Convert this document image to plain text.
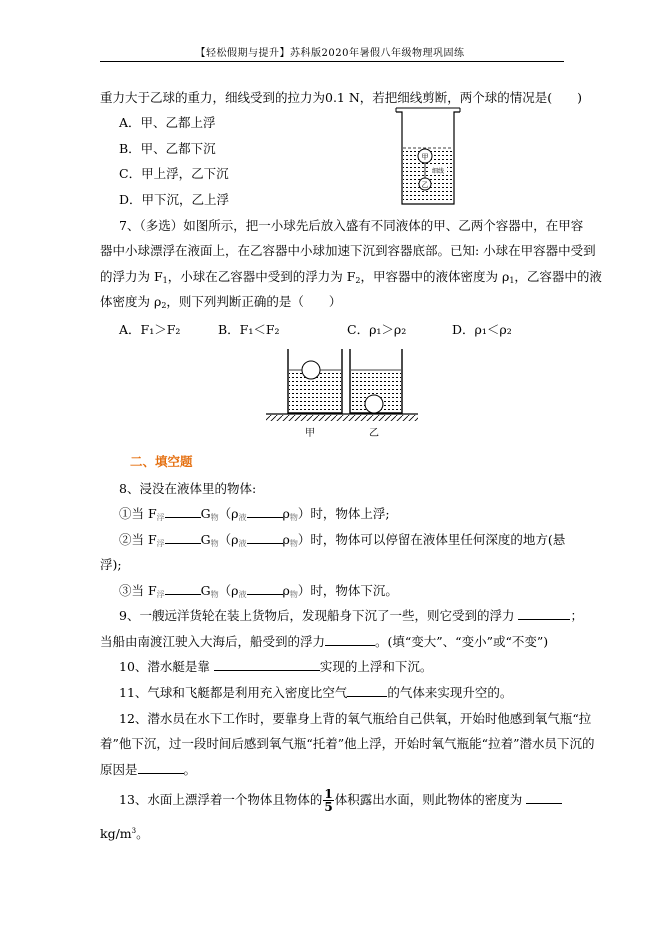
【轻松假期与提升】苏科版2020年暑假八年级物理巩固练
重力大于乙球的重力，细线受到的拉力为0.1 N，若把细线剪断，两个球的情况是(　　)
A．甲、乙都上浮
B．甲、乙都下沉
C．甲上浮，乙下沉
D．甲下沉，乙上浮
甲
细线
乙
7、（多选）如图所示，把一小球先后放入盛有不同液体的甲、乙两个容器中，在甲容
器中小球漂浮在液面上，在乙容器中小球加速下沉到容器底部。已知: 小球在甲容器中受到
的浮力为 F1，小球在乙容器中受到的浮力为 F2，甲容器中的液体密度为 ρ1，乙容器中的液
体密度为 ρ2，则下列判断正确的是（　　）
A．F₁＞F₂	B．F₁＜F₂	C．ρ₁＞ρ₂	D．ρ₁＜ρ₂
甲	乙
二、填空题
8、浸没在液体里的物体:
①当 $F_浮$	$G_物(\rho_液$	$\rho_物$）时，物体上浮;
②当 $F_浮$	$G_物(\rho_液$	$\rho_物$）时，物体可以停留在液体里任何深度的地方(悬
浮);
③当 $F_浮$	$G_物(\rho_液$	$\rho_物$）时，物体下沉。
9、一艘远洋货轮在装上货物后，发现船身下沉了一些，则它受到的浮力	；
当船由南渡江驶入大海后，船受到的浮力	。(填“变大”、“变小”或“不变”)
10、潜水艇是靠	实现的上浮和下沉。
11、气球和飞艇都是利用充入密度比空气	的气体来实现升空的。
12、潜水员在水下工作时，要靠身上背的氧气瓶给自己供氧，开始时他感到氧气瓶“拉
着”他下沉，过一段时间后感到氧气瓶“托着”他上浮，开始时氧气瓶能“拉着”潜水员下沉的
原因是	。
13、水面上漂浮着一个物体且物体的 $\frac{1}{5}$ 体积露出水面，则此物体的密度为
$kg/m^3$。
